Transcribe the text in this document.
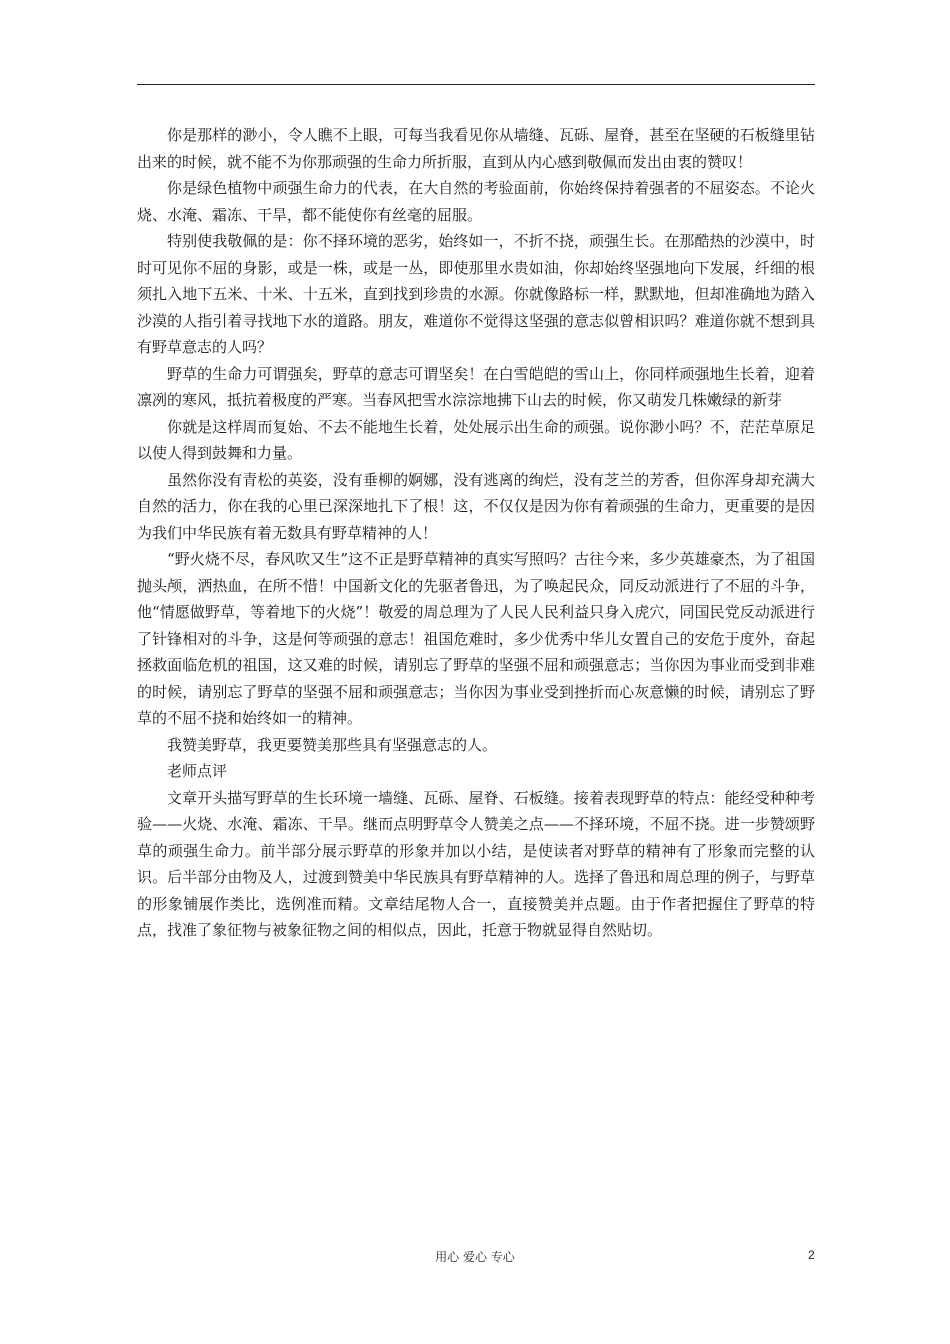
你是那样的渺小，令人瞧不上眼，可每当我看见你从墙缝、瓦砾、屋脊，甚至在坚硬的石板缝里钻出来的时候，就不能不为你那顽强的生命力所折服，直到从内心感到敬佩而发出由衷的赞叹！

你是绿色植物中顽强生命力的代表，在大自然的考验面前，你始终保持着强者的不屈姿态。不论火烧、水淹、霜冻、干旱，都不能使你有丝毫的屈服。

特别使我敬佩的是：你不择环境的恶劣，始终如一，不折不挠，顽强生长。在那酷热的沙漠中，时时可见你不屈的身影，或是一株，或是一丛，即使那里水贵如油，你却始终坚强地向下发展，纤细的根须扎入地下五米、十米、十五米，直到找到珍贵的水源。你就像路标一样，默默地，但却准确地为踏入沙漠的人指引着寻找地下水的道路。朋友，难道你不觉得这坚强的意志似曾相识吗？难道你就不想到具有野草意志的人吗？

野草的生命力可谓强矣，野草的意志可谓坚矣！在白雪皑皑的雪山上，你同样顽强地生长着，迎着凛冽的寒风，抵抗着极度的严寒。当春风把雪水淙淙地拂下山去的时候，你又萌发几株嫩绿的新芽

你就是这样周而复始、不去不能地生长着，处处展示出生命的顽强。说你渺小吗？不，茫茫草原足以使人得到鼓舞和力量。

虽然你没有青松的英姿，没有垂柳的婀娜，没有逃离的绚烂，没有芝兰的芳香，但你浑身却充满大自然的活力，你在我的心里已深深地扎下了根！这，不仅仅是因为你有着顽强的生命力，更重要的是因为我们中华民族有着无数具有野草精神的人！

“野火烧不尽，春风吹又生”这不正是野草精神的真实写照吗？古往今来，多少英雄豪杰，为了祖国抛头颅，洒热血，在所不惜！中国新文化的先驱者鲁迅，为了唤起民众，同反动派进行了不屈的斗争，他“情愿做野草，等着地下的火烧”！敬爱的周总理为了人民人民利益只身入虎穴，同国民党反动派进行了针锋相对的斗争，这是何等顽强的意志！祖国危难时，多少优秀中华儿女置自己的安危于度外，奋起拯救面临危机的祖国，这又难的时候，请别忘了野草的坚强不屈和顽强意志；当你因为事业而受到非难的时候，请别忘了野草的坚强不屈和顽强意志；当你因为事业受到挫折而心灰意懒的时候，请别忘了野草的不屈不挠和始终如一的精神。

我赞美野草，我更要赞美那些具有坚强意志的人。

老师点评

文章开头描写野草的生长环境一墙缝、瓦砾、屋脊、石板缝。接着表现野草的特点：能经受种种考验——火烧、水淹、霜冻、干旱。继而点明野草令人赞美之点——不择环境，不屈不挠。进一步赞颂野草的顽强生命力。前半部分展示野草的形象并加以小结，是使读者对野草的精神有了形象而完整的认识。后半部分由物及人，过渡到赞美中华民族具有野草精神的人。选择了鲁迅和周总理的例子，与野草的形象铺展作类比，选例准而精。文章结尾物人合一，直接赞美并点题。由于作者把握住了野草的特点，找准了象征物与被象征物之间的相似点，因此，托意于物就显得自然贴切。

用心 爱心 专心	2
